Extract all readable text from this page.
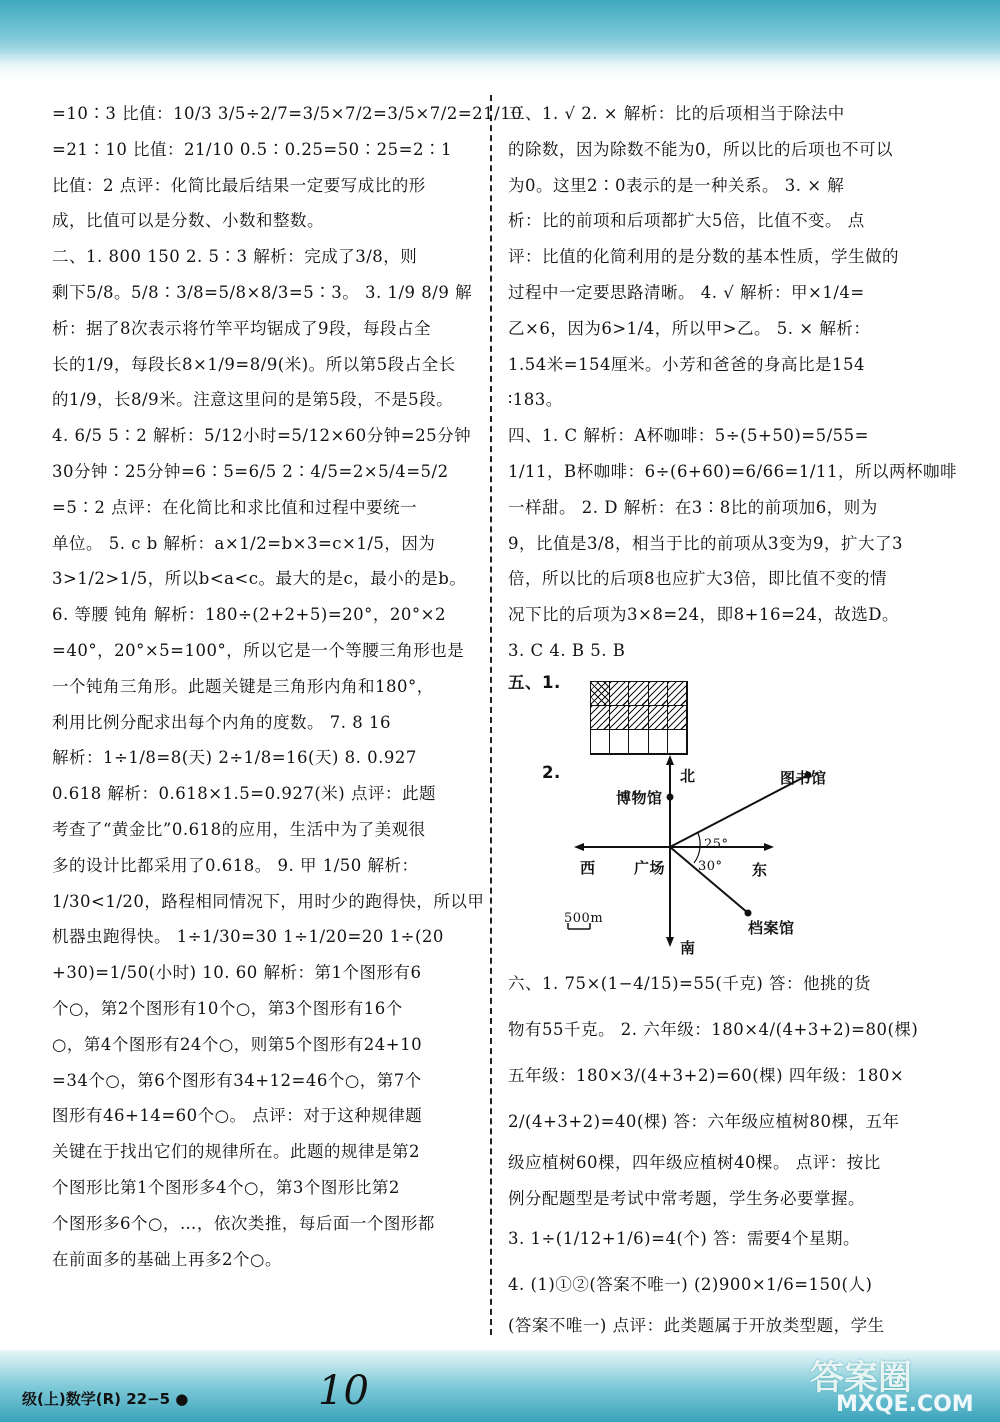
=10∶3 比值：10/3 3/5÷2/7=3/5×7/2=3/5×7/2=21/10
=21∶10 比值：21/10 0.5∶0.25=50∶25=2∶1
比值：2 点评：化简比最后结果一定要写成比的形
成，比值可以是分数、小数和整数。
二、1. 800 150 2. 5∶3 解析：完成了3/8，则
剩下5/8。5/8∶3/8=5/8×8/3=5∶3。 3. 1/9 8/9 解
析：据了8次表示将竹竿平均锯成了9段，每段占全
长的1/9，每段长8×1/9=8/9(米)。所以第5段占全长
的1/9，长8/9米。注意这里问的是第5段，不是5段。
4. 6/5 5∶2 解析：5/12小时=5/12×60分钟=25分钟
30分钟∶25分钟=6∶5=6/5 2∶4/5=2×5/4=5/2
=5∶2 点评：在化简比和求比值和过程中要统一
单位。 5. c b 解析：a×1/2=b×3=c×1/5，因为
3>1/2>1/5，所以b<a<c。最大的是c，最小的是b。
6. 等腰 钝角 解析：180÷(2+2+5)=20°，20°×2
=40°，20°×5=100°，所以它是一个等腰三角形也是
一个钝角三角形。此题关键是三角形内角和180°，
利用比例分配求出每个内角的度数。 7. 8 16
解析：1÷1/8=8(天) 2÷1/8=16(天) 8. 0.927
0.618 解析：0.618×1.5=0.927(米) 点评：此题
考查了“黄金比”0.618的应用，生活中为了美观很
多的设计比都采用了0.618。 9. 甲 1/50 解析：
1/30<1/20，路程相同情况下，用时少的跑得快，所以甲
机器虫跑得快。 1÷1/30=30 1÷1/20=20 1÷(20
+30)=1/50(小时) 10. 60 解析：第1个图形有6
个○，第2个图形有10个○，第3个图形有16个
○，第4个图形有24个○，则第5个图形有24+10
=34个○，第6个图形有34+12=46个○，第7个
图形有46+14=60个○。 点评：对于这种规律题
关键在于找出它们的规律所在。此题的规律是第2
个图形比第1个图形多4个○，第3个图形比第2
个图形多6个○，…，依次类推，每后面一个图形都
在前面多的基础上再多2个○。
三、1. √ 2. × 解析：比的后项相当于除法中
的除数，因为除数不能为0，所以比的后项也不可以
为0。这里2∶0表示的是一种关系。 3. × 解
析：比的前项和后项都扩大5倍，比值不变。 点
评：比值的化简利用的是分数的基本性质，学生做的
过程中一定要思路清晰。 4. √ 解析：甲×1/4=
乙×6，因为6>1/4，所以甲>乙。 5. × 解析：
1.54米=154厘米。小芳和爸爸的身高比是154
∶183。
四、1. C 解析：A杯咖啡：5÷(5+50)=5/55=
1/11，B杯咖啡：6÷(6+60)=6/66=1/11，所以两杯咖啡
一样甜。 2. D 解析：在3∶8比的前项加6，则为
9，比值是3/8，相当于比的前项从3变为9，扩大了3
倍，所以比的后项8也应扩大3倍，即比值不变的情
况下比的后项为3×8=24，即8+16=24，故选D。
3. C 4. B 5. B
五、1.
2.	北
博物馆
图书馆
25°
30°
西	广场	东
500m
档案馆
南
六、1. 75×(1−4/15)=55(千克) 答：他挑的货
物有55千克。 2. 六年级：180×4/(4+3+2)=80(棵)
五年级：180×3/(4+3+2)=60(棵) 四年级：180×
2/(4+3+2)=40(棵) 答：六年级应植树80棵，五年
级应植树60棵，四年级应植树40棵。 点评：按比
例分配题型是考试中常考题，学生务必要掌握。
3. 1÷(1/12+1/6)=4(个) 答：需要4个星期。
4. (1)①②(答案不唯一) (2)900×1/6=150(人)
(答案不唯一) 点评：此类题属于开放类型题，学生
级(上)数学(R) 22−5 ●	10	答案圈
MXQE.COM
